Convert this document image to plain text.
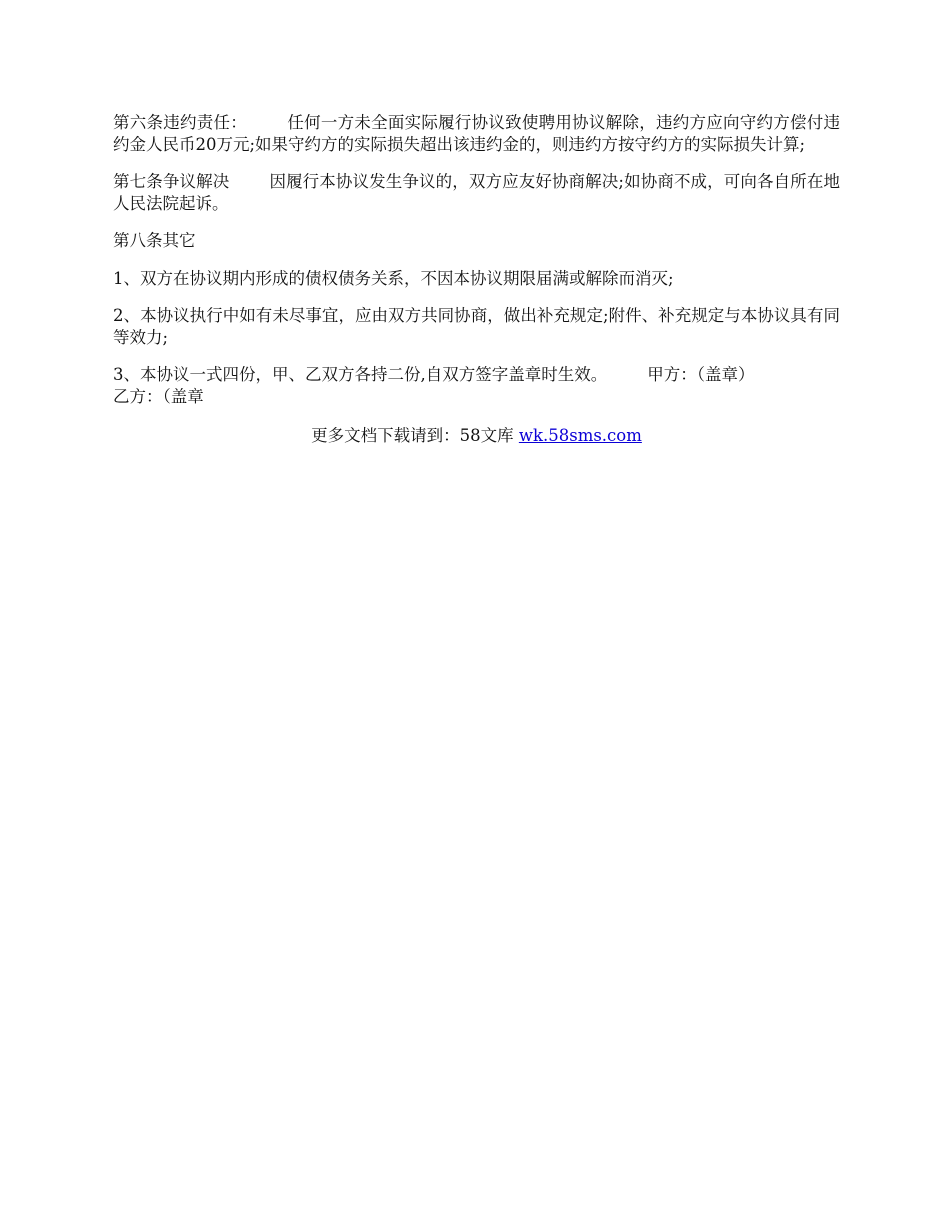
第六条违约责任： 任何一方未全面实际履行协议致使聘用协议解除，违约方应向守约方偿付违约金人民币20万元;如果守约方的实际损失超出该违约金的，则违约方按守约方的实际损失计算;

第七条争议解决 因履行本协议发生争议的，双方应友好协商解决;如协商不成，可向各自所在地人民法院起诉。

第八条其它

1、双方在协议期内形成的债权债务关系，不因本协议期限届满或解除而消灭;

2、本协议执行中如有未尽事宜，应由双方共同协商，做出补充规定;附件、补充规定与本协议具有同等效力;

3、本协议一式四份，甲、乙双方各持二份,自双方签字盖章时生效。 甲方：（盖章）
乙方：（盖章

更多文档下载请到：58文库 wk.58sms.com
